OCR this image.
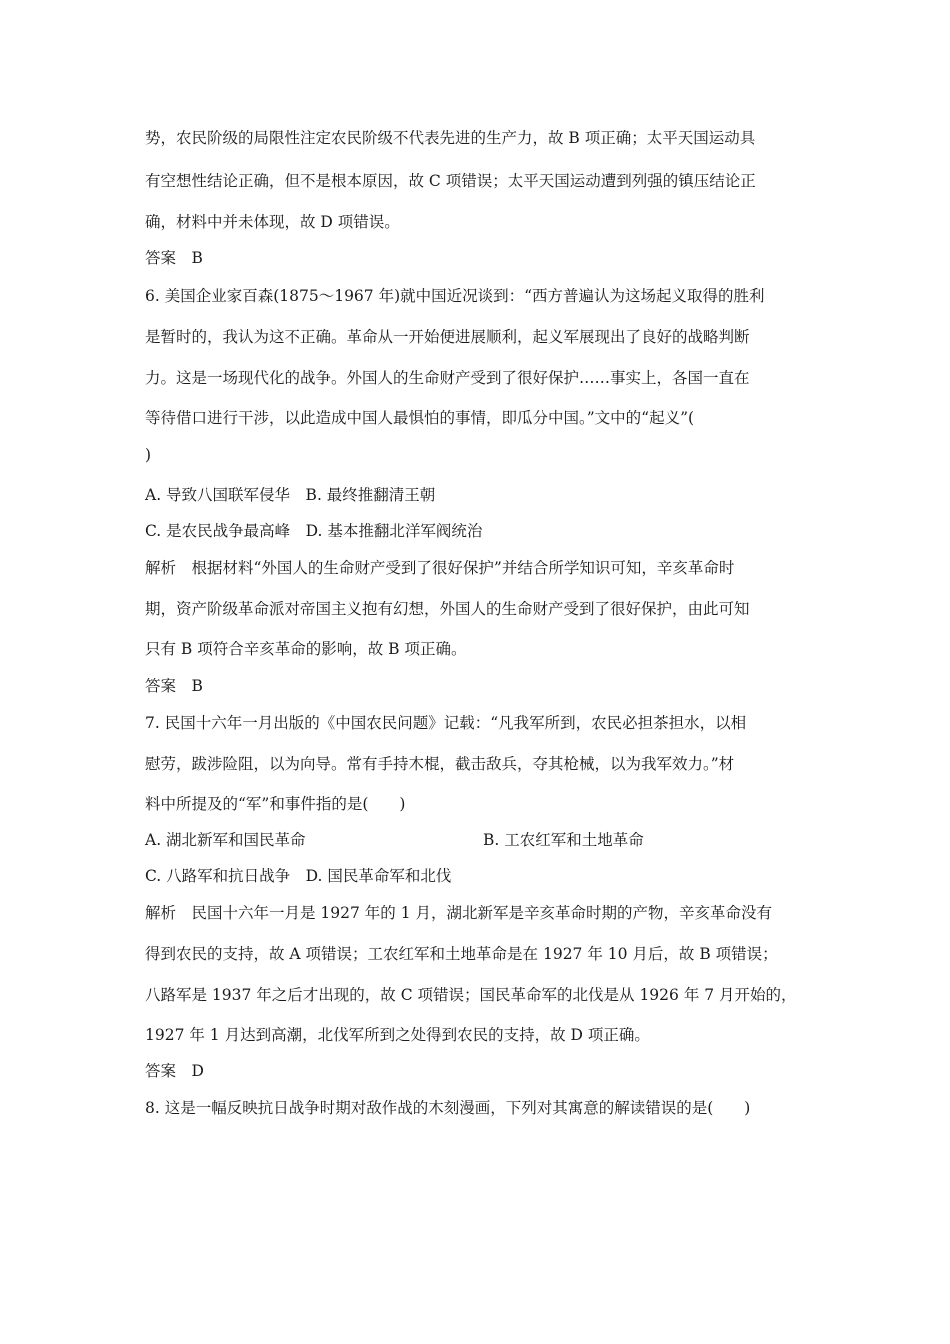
势，农民阶级的局限性注定农民阶级不代表先进的生产力，故 B 项正确；太平天国运动具
有空想性结论正确，但不是根本原因，故 C 项错误；太平天国运动遭到列强的镇压结论正
确，材料中并未体现，故 D 项错误。
答案　B
6. 美国企业家百森(1875～1967 年)就中国近况谈到：“西方普遍认为这场起义取得的胜利
是暂时的，我认为这不正确。革命从一开始便进展顺利，起义军展现出了良好的战略判断
力。这是一场现代化的战争。外国人的生命财产受到了很好保护……事实上，各国一直在
等待借口进行干涉，以此造成中国人最惧怕的事情，即瓜分中国。”文中的“起义”(
)
A. 导致八国联军侵华　B. 最终推翻清王朝
C. 是农民战争最高峰　D. 基本推翻北洋军阀统治
解析　根据材料“外国人的生命财产受到了很好保护”并结合所学知识可知，辛亥革命时
期，资产阶级革命派对帝国主义抱有幻想，外国人的生命财产受到了很好保护，由此可知
只有 B 项符合辛亥革命的影响，故 B 项正确。
答案　B
7. 民国十六年一月出版的《中国农民问题》记载：“凡我军所到，农民必担茶担水，以相
慰劳，跋涉险阻，以为向导。常有手持木棍，截击敌兵，夺其枪械，以为我军效力。”材
料中所提及的“军”和事件指的是(　　)
A. 湖北新军和国民革命	B. 工农红军和土地革命
C. 八路军和抗日战争　D. 国民革命军和北伐
解析　民国十六年一月是 1927 年的 1 月，湖北新军是辛亥革命时期的产物，辛亥革命没有
得到农民的支持，故 A 项错误；工农红军和土地革命是在 1927 年 10 月后，故 B 项错误；
八路军是 1937 年之后才出现的，故 C 项错误；国民革命军的北伐是从 1926 年 7 月开始的，
1927 年 1 月达到高潮，北伐军所到之处得到农民的支持，故 D 项正确。
答案　D
8. 这是一幅反映抗日战争时期对敌作战的木刻漫画，下列对其寓意的解读错误的是(　　)
